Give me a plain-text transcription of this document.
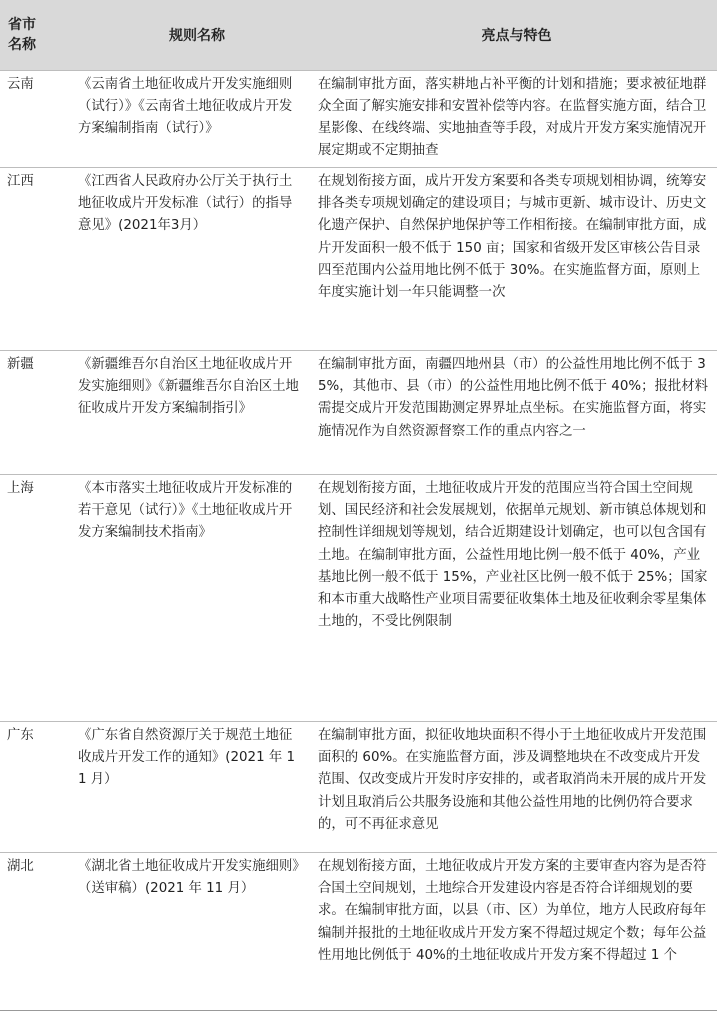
省市
名称	规则名称	亮点与特色
云南	《云南省土地征收成片开发实施细则（试行）》《云南省土地征收成片开发方案编制指南（试行）》	在编制审批方面，落实耕地占补平衡的计划和措施；要求被征地群众全面了解实施安排和安置补偿等内容。在监督实施方面，结合卫星影像、在线终端、实地抽查等手段，对成片开发方案实施情况开展定期或不定期抽查
江西	《江西省人民政府办公厅关于执行土地征收成片开发标准（试行）的指导意见》(2021年3月）	在规划衔接方面，成片开发方案要和各类专项规划相协调，统筹安排各类专项规划确定的建设项目；与城市更新、城市设计、历史文化遗产保护、自然保护地保护等工作相衔接。在编制审批方面，成片开发面积一般不低于 150 亩；国家和省级开发区审核公告目录四至范围内公益用地比例不低于 30%。在实施监督方面，原则上年度实施计划一年只能调整一次
新疆	《新疆维吾尔自治区土地征收成片开发实施细则》《新疆维吾尔自治区土地征收成片开发方案编制指引》	在编制审批方面，南疆四地州县（市）的公益性用地比例不低于 35%，其他市、县（市）的公益性用地比例不低于 40%；报批材料需提交成片开发范围勘测定界界址点坐标。在实施监督方面，将实施情况作为自然资源督察工作的重点内容之一
上海	《本市落实土地征收成片开发标准的若干意见（试行）》《土地征收成片开发方案编制技术指南》	在规划衔接方面，土地征收成片开发的范围应当符合国土空间规划、国民经济和社会发展规划，依据单元规划、新市镇总体规划和控制性详细规划等规划，结合近期建设计划确定，也可以包含国有土地。在编制审批方面，公益性用地比例一般不低于 40%，产业基地比例一般不低于 15%，产业社区比例一般不低于 25%；国家和本市重大战略性产业项目需要征收集体土地及征收剩余零星集体土地的，不受比例限制
广东	《广东省自然资源厅关于规范土地征收成片开发工作的通知》(2021 年 11 月）	在编制审批方面，拟征收地块面积不得小于土地征收成片开发范围面积的 60%。在实施监督方面，涉及调整地块在不改变成片开发范围、仅改变成片开发时序安排的，或者取消尚未开展的成片开发计划且取消后公共服务设施和其他公益性用地的比例仍符合要求的，可不再征求意见
湖北	《湖北省土地征收成片开发实施细则》（送审稿）(2021 年 11 月）	在规划衔接方面，土地征收成片开发方案的主要审查内容为是否符合国土空间规划，土地综合开发建设内容是否符合详细规划的要求。在编制审批方面，以县（市、区）为单位，地方人民政府每年编制并报批的土地征收成片开发方案不得超过规定个数；每年公益性用地比例低于 40%的土地征收成片开发方案不得超过 1 个
